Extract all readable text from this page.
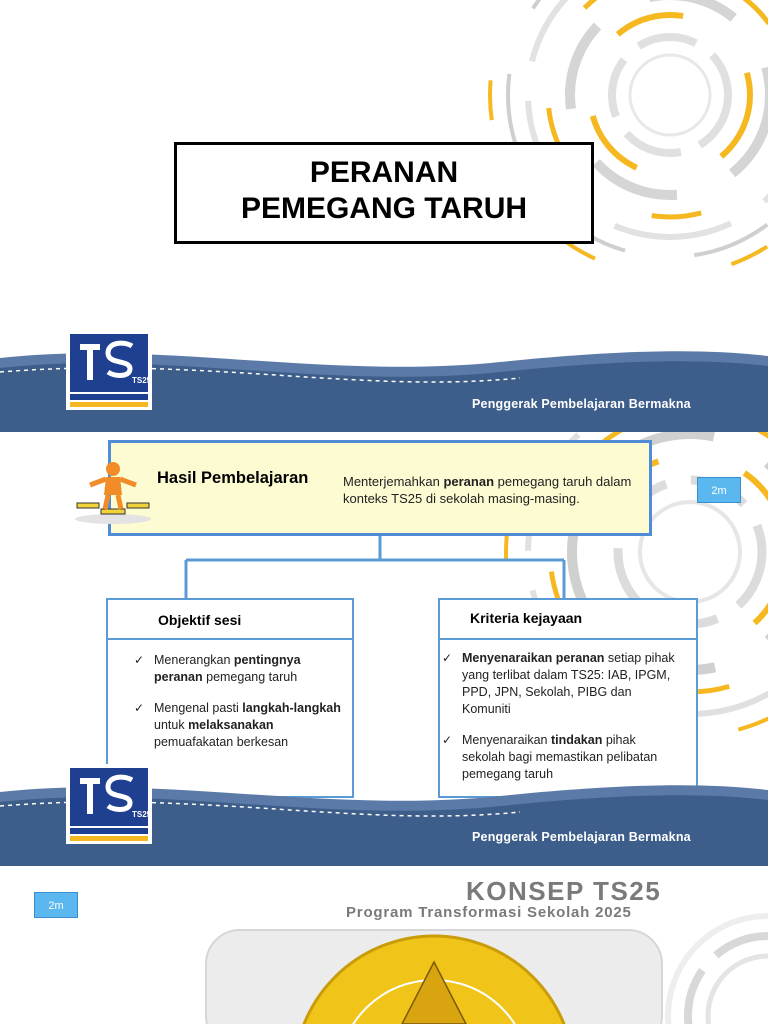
PERANAN
PEMEGANG TARUH
TS25
Penggerak Pembelajaran Bermakna
Hasil Pembelajaran	Menterjemahkan peranan pemegang taruh dalam konteks TS25 di sekolah masing-masing.	2m
Objektif sesi
✓ Menerangkan pentingnya peranan pemegang taruh
✓ Mengenal pasti langkah-langkah untuk melaksanakan pemuafakatan berkesan
Kriteria kejayaan
✓ Menyenaraikan peranan setiap pihak yang terlibat dalam TS25: IAB, IPGM, PPD, JPN, Sekolah, PIBG dan Komuniti
✓ Menyenaraikan tindakan pihak sekolah bagi memastikan pelibatan pemegang taruh
TS25
Penggerak Pembelajaran Bermakna
2m	KONSEP TS25
Program Transformasi Sekolah 2025
